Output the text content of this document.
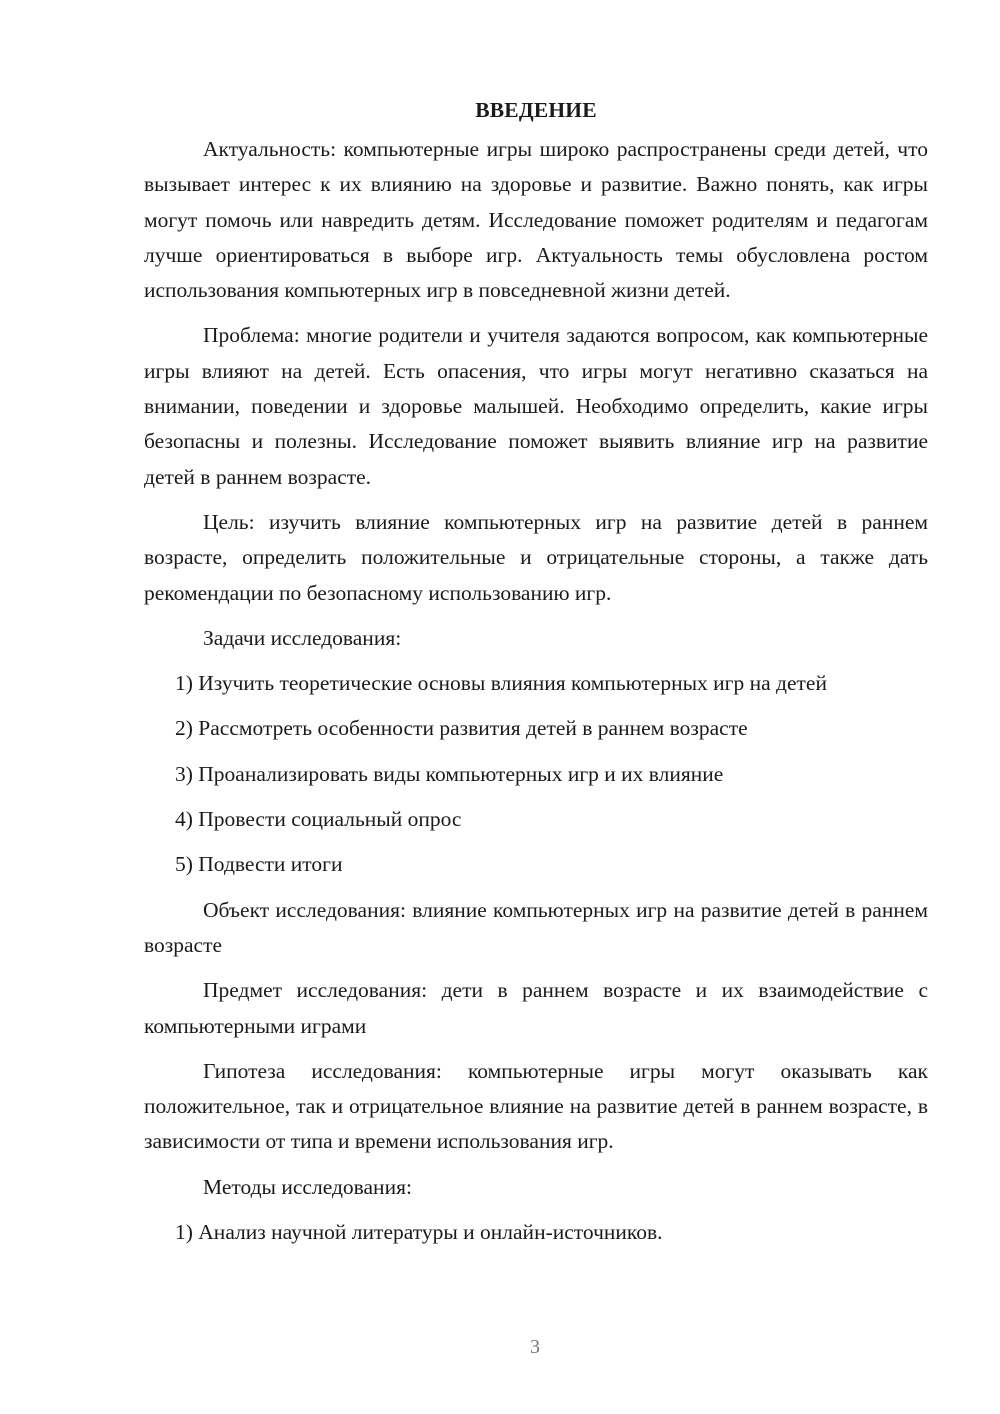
ВВЕДЕНИЕ

Актуальность: компьютерные игры широко распространены среди детей, что вызывает интерес к их влиянию на здоровье и развитие. Важно понять, как игры могут помочь или навредить детям. Исследование поможет родителям и педагогам лучше ориентироваться в выборе игр. Актуальность темы обусловлена ростом использования компьютерных игр в повседневной жизни детей.

Проблема: многие родители и учителя задаются вопросом, как компьютерные игры влияют на детей. Есть опасения, что игры могут негативно сказаться на внимании, поведении и здоровье малышей. Необходимо определить, какие игры безопасны и полезны. Исследование поможет выявить влияние игр на развитие детей в раннем возрасте.

Цель: изучить влияние компьютерных игр на развитие детей в раннем возрасте, определить положительные и отрицательные стороны, а также дать рекомендации по безопасному использованию игр.

Задачи исследования:

1) Изучить теоретические основы влияния компьютерных игр на детей
2) Рассмотреть особенности развития детей в раннем возрасте
3) Проанализировать виды компьютерных игр и их влияние
4) Провести социальный опрос
5) Подвести итоги

Объект исследования: влияние компьютерных игр на развитие детей в раннем возрасте

Предмет исследования: дети в раннем возрасте и их взаимодействие с компьютерными играми

Гипотеза исследования: компьютерные игры могут оказывать как положительное, так и отрицательное влияние на развитие детей в раннем возрасте, в зависимости от типа и времени использования игр.

Методы исследования:

1) Анализ научной литературы и онлайн-источников.
3
